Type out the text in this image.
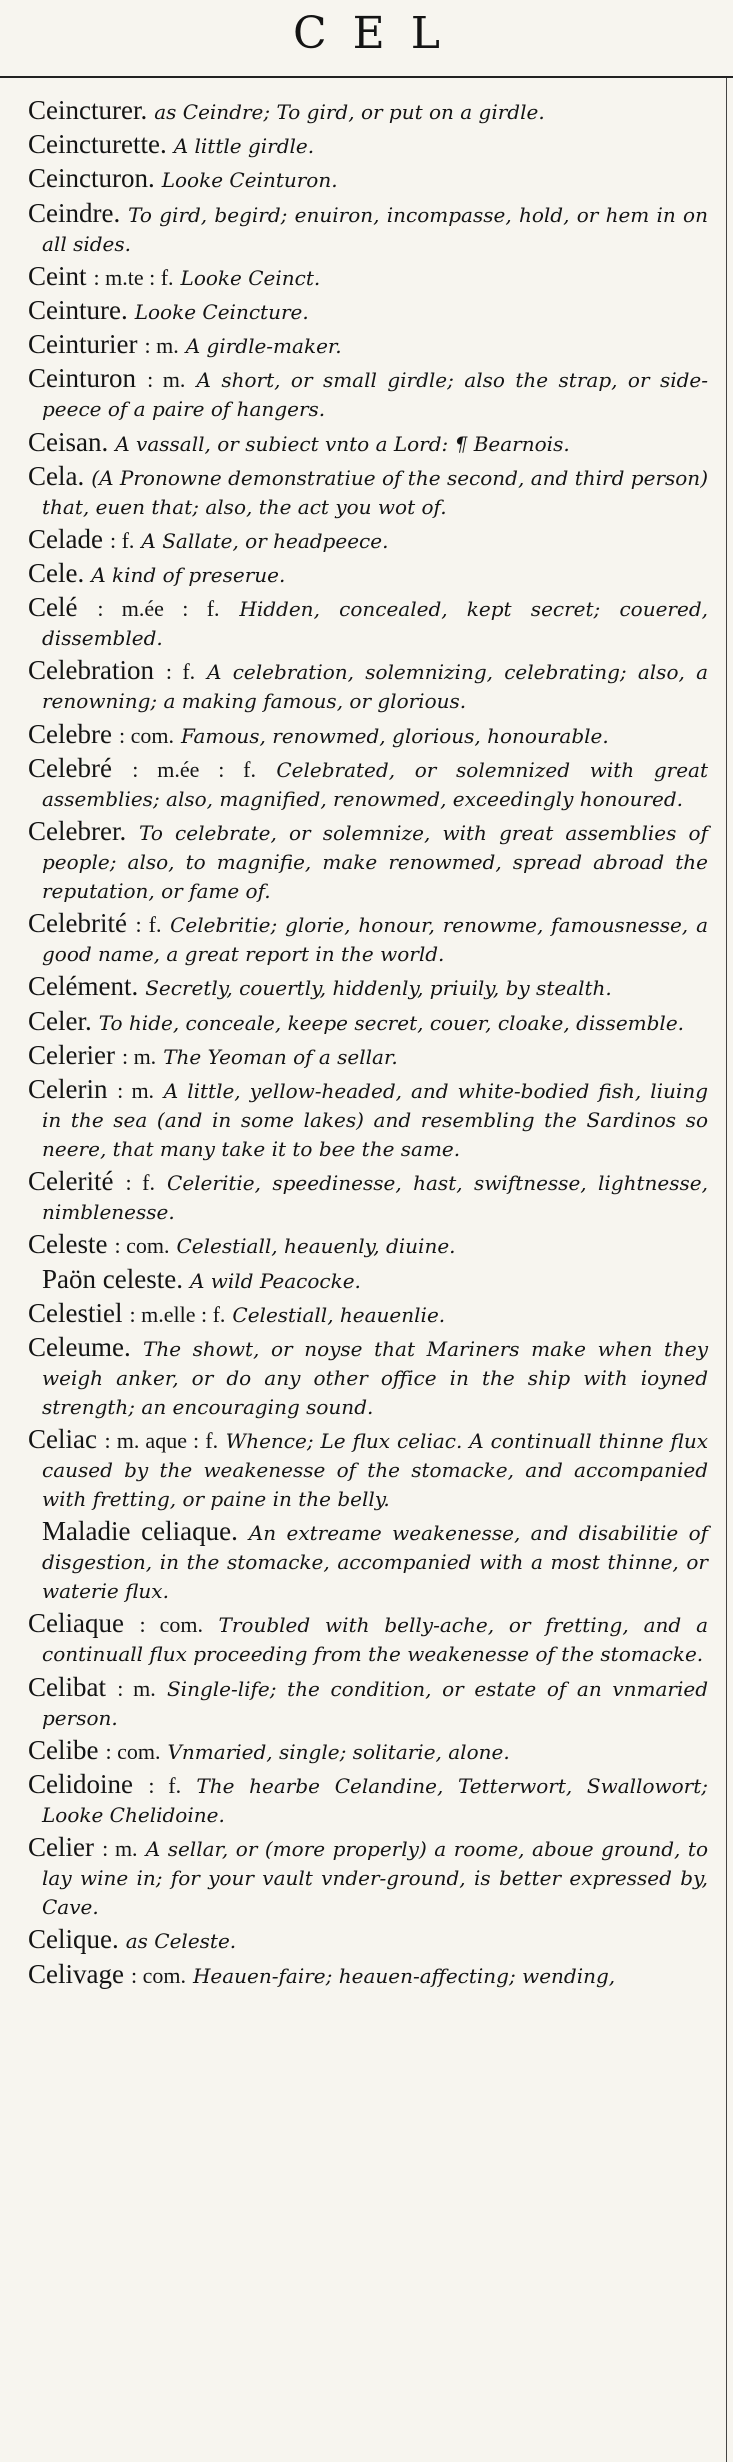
CEL
Ceincturer. as Ceindre; To gird, or put on a girdle.
Ceincturette. A little girdle.
Ceincturon. Looke Ceinturon.
Ceindre. To gird, begird; enuiron, incompasse, hold, or hem in on all sides.
Ceint : m.te : f. Looke Ceinct.
Ceinture. Looke Ceincture.
Ceinturier : m. A girdle-maker.
Ceinturon : m. A short, or small girdle; also the strap, or side-peece of a paire of hangers.
Ceisan. A vassall, or subiect vnto a Lord: ¶ Bearnois.
Cela. (A Pronowne demonstratiue of the second, and third person) that, euen that; also, the act you wot of.
Celade : f. A Sallate, or headpeece.
Cele. A kind of preserue.
Celé : m.ée : f. Hidden, concealed, kept secret; couered, dissembled.
Celebration : f. A celebration, solemnizing, celebrating; also, a renowning; a making famous, or glorious.
Celebre : com. Famous, renowmed, glorious, honourable.
Celebré : m.ée : f. Celebrated, or solemnized with great assemblies; also, magnified, renowmed, exceedingly honoured.
Celebrer. To celebrate, or solemnize, with great assemblies of people; also, to magnifie, make renowmed, spread abroad the reputation, or fame of.
Celebrité : f. Celebritie; glorie, honour, renowme, famousnesse, a good name, a great report in the world.
Celément. Secretly, couertly, hiddenly, priuily, by stealth.
Celer. To hide, conceale, keepe secret, couer, cloake, dissemble.
Celerier : m. The Yeoman of a sellar.
Celerin : m. A little, yellow-headed, and white-bodied fish, liuing in the sea (and in some lakes) and resembling the Sardinos so neere, that many take it to bee the same.
Celerité : f. Celeritie, speedinesse, hast, swiftnesse, lightnesse, nimblenesse.
Celeste : com. Celestiall, heauenly, diuine.
Paön celeste. A wild Peacocke.
Celestiel : m.elle : f. Celestiall, heauenlie.
Celeume. The showt, or noyse that Mariners make when they weigh anker, or do any other office in the ship with ioyned strength; an encouraging sound.
Celiac : m. aque : f. Whence; Le flux celiac. A continuall thinne flux caused by the weakenesse of the stomacke, and accompanied with fretting, or paine in the belly.
Maladie celiaque. An extreame weakenesse, and disabilitie of disgestion, in the stomacke, accompanied with a most thinne, or waterie flux.
Celiaque : com. Troubled with belly-ache, or fretting, and a continuall flux proceeding from the weakenesse of the stomacke.
Celibat : m. Single-life; the condition, or estate of an vnmaried person.
Celibe : com. Vnmaried, single; solitarie, alone.
Celidoine : f. The hearbe Celandine, Tetterwort, Swallowort; Looke Chelidoine.
Celier : m. A sellar, or (more properly) a roome, aboue ground, to lay wine in; for your vault vnder-ground, is better expressed by, Cave.
Celique. as Celeste.
Celivage : com. Heauen-faire; heauen-affecting; wending,
